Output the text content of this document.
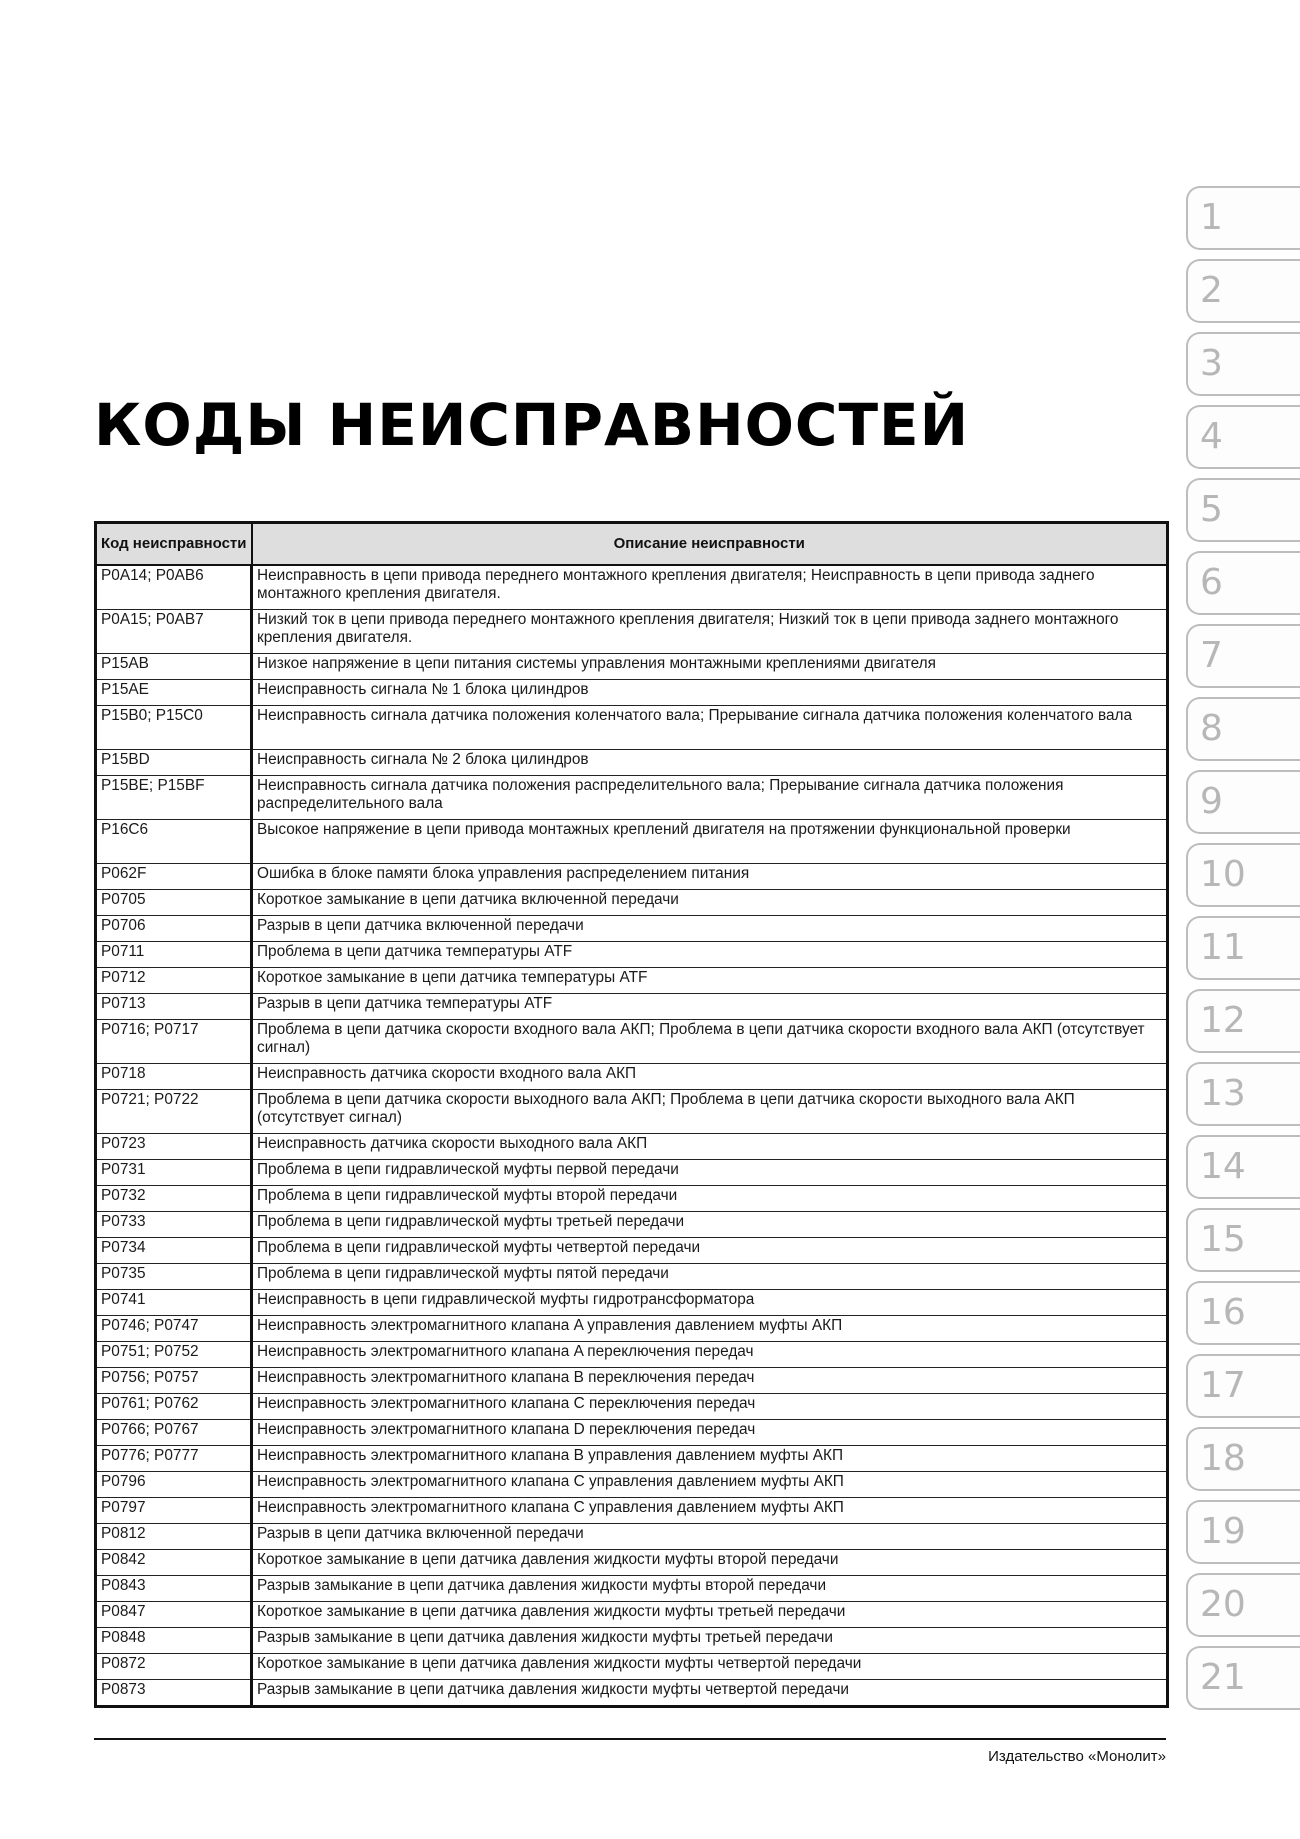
КОДЫ НЕИСПРАВНОСТЕЙ
Код неисправности	Описание неисправности
P0A14; P0AB6	Неисправность в цепи привода переднего монтажного крепления двигателя; Неисправность в цепи привода заднего монтажного крепления двигателя.
P0A15; P0AB7	Низкий ток в цепи привода переднего монтажного крепления двигателя; Низкий ток в цепи привода заднего монтажного крепления двигателя.
P15AB	Низкое напряжение в цепи питания системы управления монтажными креплениями двигателя
P15AE	Неисправность сигнала № 1 блока цилиндров
P15B0; P15C0	Неисправность сигнала датчика положения коленчатого вала; Прерывание сигнала датчика положения коленчатого вала
P15BD	Неисправность сигнала № 2 блока цилиндров
P15BE; P15BF	Неисправность сигнала датчика положения распределительного вала; Прерывание сигнала датчика положения распределительного вала
P16C6	Высокое напряжение в цепи привода монтажных креплений двигателя на протяжении функциональной проверки
P062F	Ошибка в блоке памяти блока управления распределением питания
P0705	Короткое замыкание в цепи датчика включенной передачи
P0706	Разрыв в цепи датчика включенной передачи
P0711	Проблема в цепи датчика температуры ATF
P0712	Короткое замыкание в цепи датчика температуры ATF
P0713	Разрыв в цепи датчика температуры ATF
P0716; P0717	Проблема в цепи датчика скорости входного вала АКП; Проблема в цепи датчика скорости входного вала АКП (отсутствует сигнал)
P0718	Неисправность датчика скорости входного вала АКП
P0721; P0722	Проблема в цепи датчика скорости выходного вала АКП; Проблема в цепи датчика скорости выходного вала АКП (отсутствует сигнал)
P0723	Неисправность датчика скорости выходного вала АКП
P0731	Проблема в цепи гидравлической муфты первой передачи
P0732	Проблема в цепи гидравлической муфты второй передачи
P0733	Проблема в цепи гидравлической муфты третьей передачи
P0734	Проблема в цепи гидравлической муфты четвертой передачи
P0735	Проблема в цепи гидравлической муфты пятой передачи
P0741	Неисправность в цепи гидравлической муфты гидротрансформатора
P0746; P0747	Неисправность электромагнитного клапана A управления давлением муфты АКП
P0751; P0752	Неисправность электромагнитного клапана A переключения передач
P0756; P0757	Неисправность электромагнитного клапана B переключения передач
P0761; P0762	Неисправность электромагнитного клапана C переключения передач
P0766; P0767	Неисправность электромагнитного клапана D переключения передач
P0776; P0777	Неисправность электромагнитного клапана B управления давлением муфты АКП
P0796	Неисправность электромагнитного клапана C управления давлением муфты АКП
P0797	Неисправность электромагнитного клапана C управления давлением муфты АКП
P0812	Разрыв в цепи датчика включенной передачи
P0842	Короткое замыкание в цепи датчика давления жидкости муфты второй передачи
P0843	Разрыв замыкание в цепи датчика давления жидкости муфты второй передачи
P0847	Короткое замыкание в цепи датчика давления жидкости муфты третьей передачи
P0848	Разрыв замыкание в цепи датчика давления жидкости муфты третьей передачи
P0872	Короткое замыкание в цепи датчика давления жидкости муфты четвертой передачи
P0873	Разрыв замыкание в цепи датчика давления жидкости муфты четвертой передачи
Издательство «Монолит»
1
2
3
4
5
6
7
8
9
10
11
12
13
14
15
16
17
18
19
20
21
